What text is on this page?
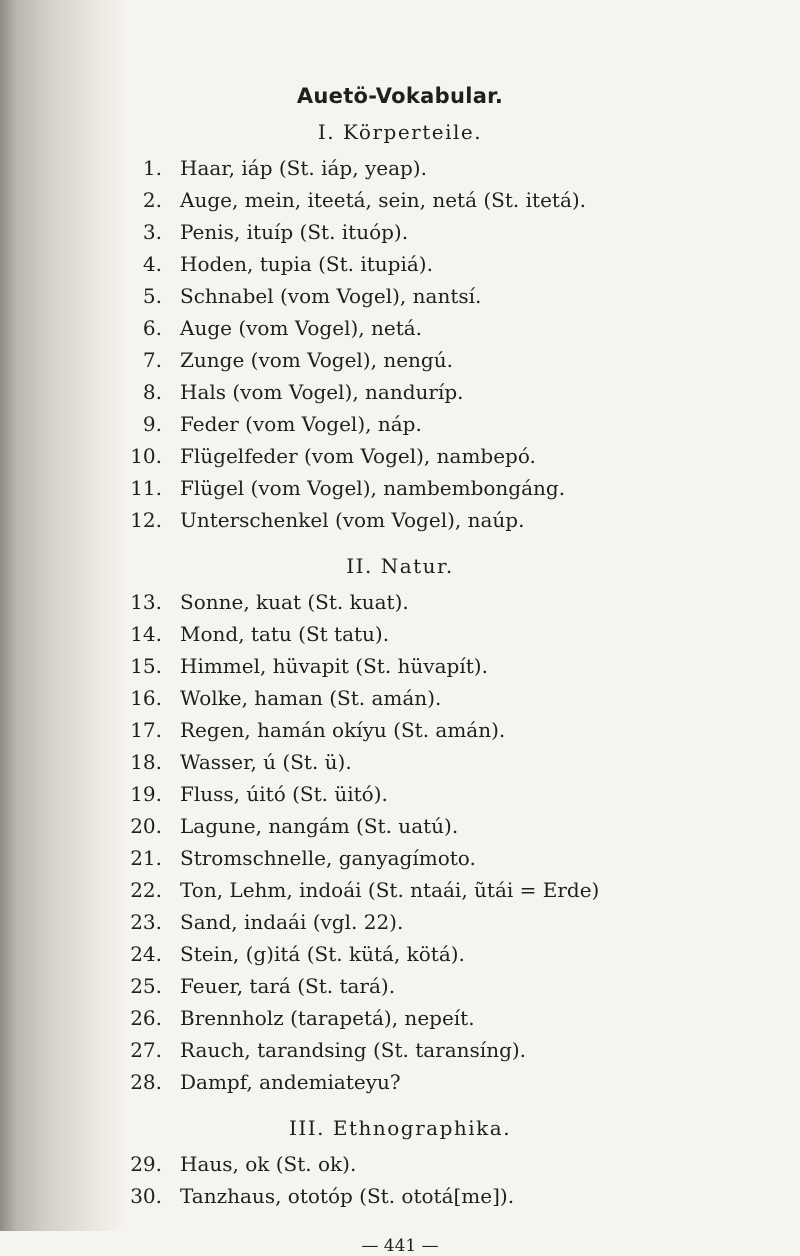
Auetö-Vokabular.
I. Körperteile.
1. Haar, iáp (St. iáp, yeap).
2. Auge, mein, iteetá, sein, netá (St. itetá).
3. Penis, ituíp (St. ituóp).
4. Hoden, tupia (St. itupiá).
5. Schnabel (vom Vogel), nantsí.
6. Auge (vom Vogel), netá.
7. Zunge (vom Vogel), nengú.
8. Hals (vom Vogel), nanduríp.
9. Feder (vom Vogel), náp.
10. Flügelfeder (vom Vogel), nambepó.
11. Flügel (vom Vogel), nambembongáng.
12. Unterschenkel (vom Vogel), naúp.
II. Natur.
13. Sonne, kuat (St. kuat).
14. Mond, tatu (St tatu).
15. Himmel, hüvapit (St. hüvapít).
16. Wolke, haman (St. amán).
17. Regen, hamán okíyu (St. amán).
18. Wasser, ú (St. ü).
19. Fluss, úitó (St. üitó).
20. Lagune, nangám (St. uatú).
21. Stromschnelle, ganyagímoto.
22. Ton, Lehm, indoái (St. ntaái, ũtái = Erde)
23. Sand, indaái (vgl. 22).
24. Stein, (g)itá (St. kütá, kötá).
25. Feuer, tará (St. tará).
26. Brennholz (tarapetá), nepeít.
27. Rauch, tarandsing (St. taransíng).
28. Dampf, andemiateyu?
III. Ethnographika.
29. Haus, ok (St. ok).
30. Tanzhaus, ototóp (St. ototá[me]).
— 441 —
